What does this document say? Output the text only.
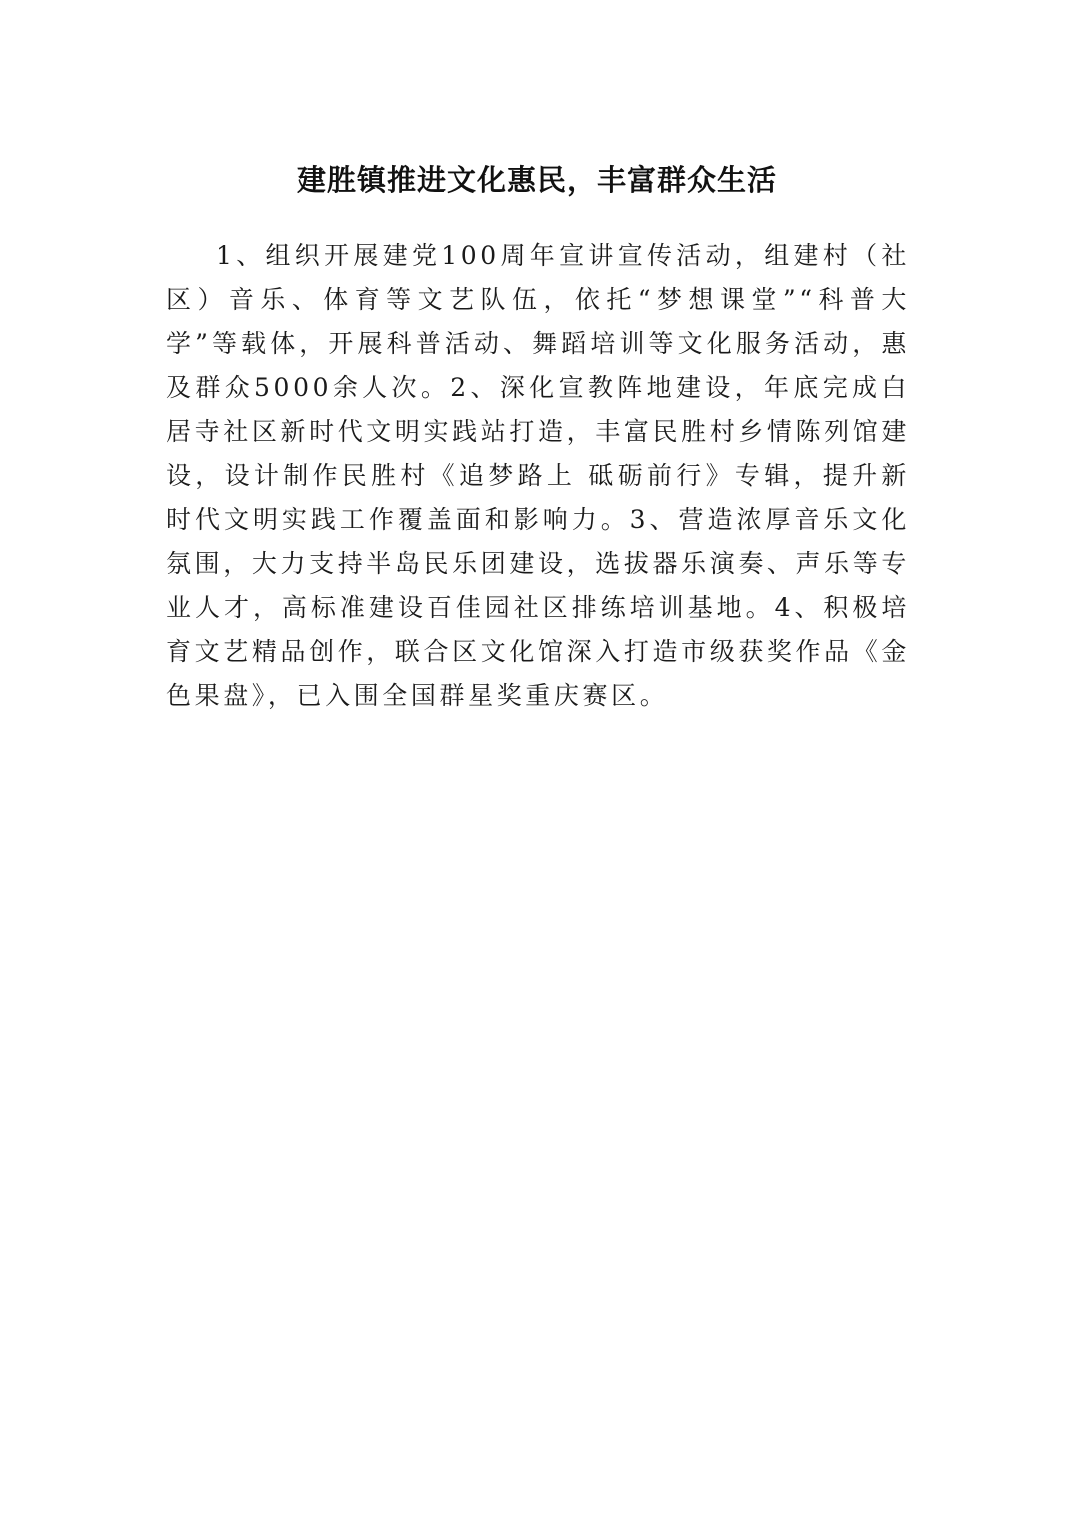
建胜镇推进文化惠民，丰富群众生活

1、组织开展建党100周年宣讲宣传活动，组建村（社区）音乐、体育等文艺队伍，依托“梦想课堂”“科普大学”等载体，开展科普活动、舞蹈培训等文化服务活动，惠及群众5000余人次。2、深化宣教阵地建设，年底完成白居寺社区新时代文明实践站打造，丰富民胜村乡情陈列馆建设，设计制作民胜村《追梦路上 砥砺前行》专辑，提升新时代文明实践工作覆盖面和影响力。3、营造浓厚音乐文化氛围，大力支持半岛民乐团建设，选拔器乐演奏、声乐等专业人才，高标准建设百佳园社区排练培训基地。4、积极培育文艺精品创作，联合区文化馆深入打造市级获奖作品《金色果盘》，已入围全国群星奖重庆赛区。
